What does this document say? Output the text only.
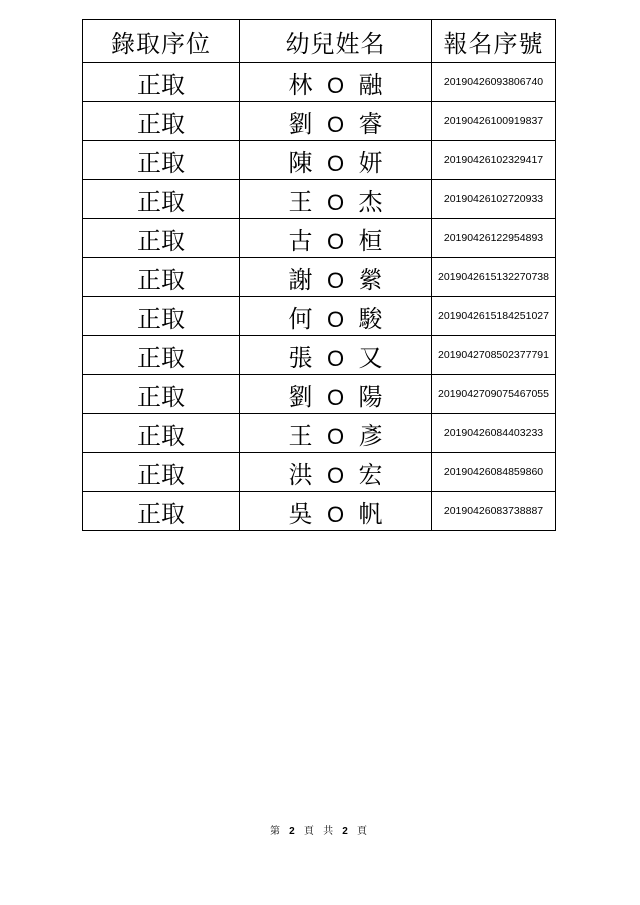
錄取序位	幼兒姓名	報名序號
正取	林 O 融	20190426093806740
正取	劉 O 睿	20190426100919837
正取	陳 O 妍	20190426102329417
正取	王 O 杰	20190426102720933
正取	古 O 桓	20190426122954893
正取	謝 O 縈	2019042615132270738
正取	何 O 駿	2019042615184251027
正取	張 O 又	2019042708502377791
正取	劉 O 陽	2019042709075467055
正取	王 O 彥	20190426084403233
正取	洪 O 宏	20190426084859860
正取	吳 O 帆	20190426083738887
第 2 頁 共 2 頁
